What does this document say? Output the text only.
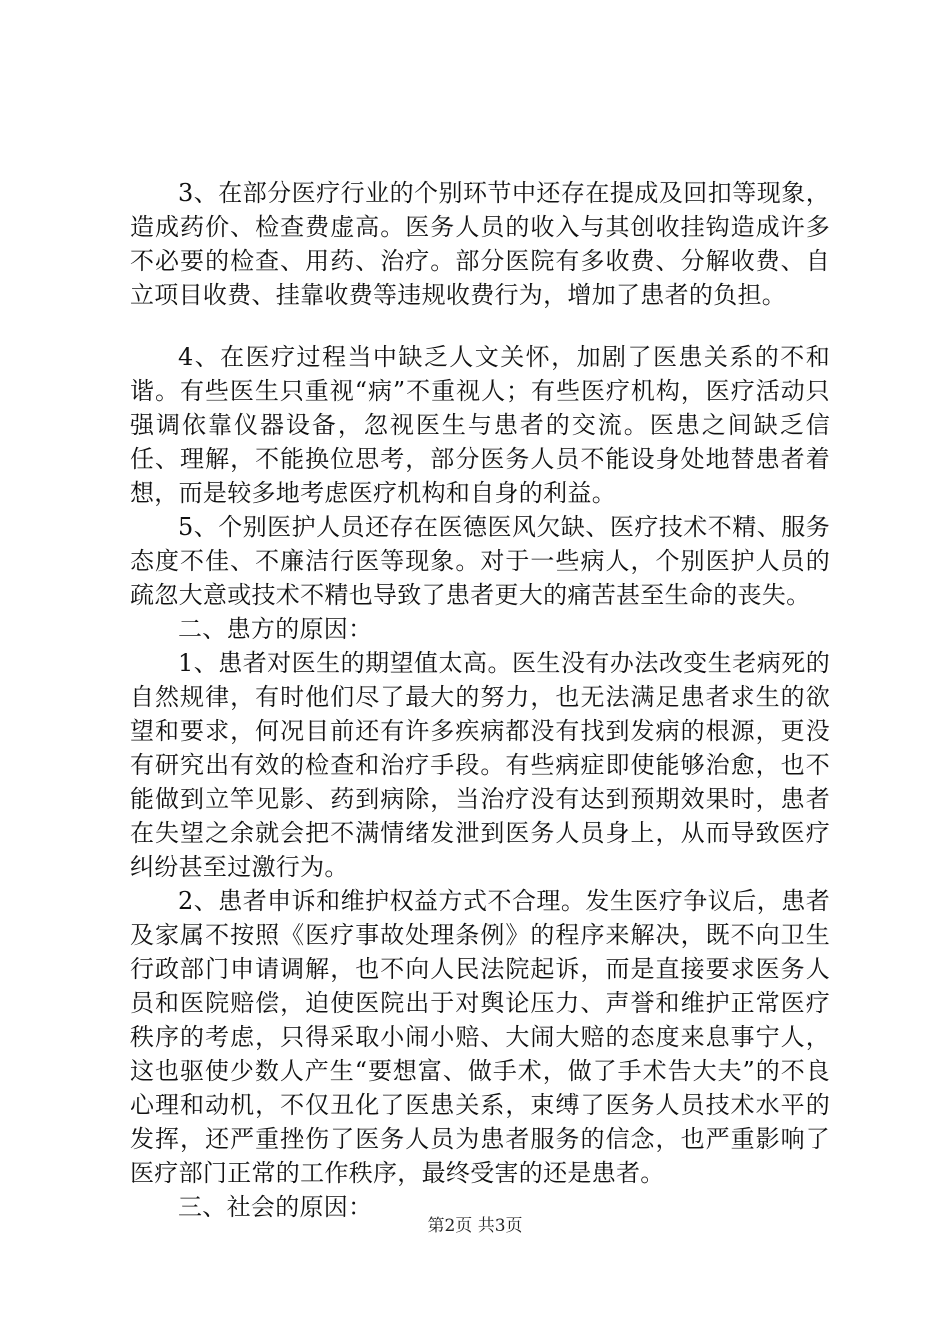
3、在部分医疗行业的个别环节中还存在提成及回扣等现象，造成药价、检查费虚高。医务人员的收入与其创收挂钩造成许多不必要的检查、用药、治疗。部分医院有多收费、分解收费、自立项目收费、挂靠收费等违规收费行为，增加了患者的负担。

4、在医疗过程当中缺乏人文关怀，加剧了医患关系的不和谐。有些医生只重视“病”不重视人；有些医疗机构，医疗活动只强调依靠仪器设备，忽视医生与患者的交流。医患之间缺乏信任、理解，不能换位思考，部分医务人员不能设身处地替患者着想，而是较多地考虑医疗机构和自身的利益。

5、个别医护人员还存在医德医风欠缺、医疗技术不精、服务态度不佳、不廉洁行医等现象。对于一些病人，个别医护人员的疏忽大意或技术不精也导致了患者更大的痛苦甚至生命的丧失。

二、患方的原因：

1、患者对医生的期望值太高。医生没有办法改变生老病死的自然规律，有时他们尽了最大的努力，也无法满足患者求生的欲望和要求，何况目前还有许多疾病都没有找到发病的根源，更没有研究出有效的检查和治疗手段。有些病症即使能够治愈，也不能做到立竿见影、药到病除，当治疗没有达到预期效果时，患者在失望之余就会把不满情绪发泄到医务人员身上，从而导致医疗纠纷甚至过激行为。

2、患者申诉和维护权益方式不合理。发生医疗争议后，患者及家属不按照《医疗事故处理条例》的程序来解决，既不向卫生行政部门申请调解，也不向人民法院起诉，而是直接要求医务人员和医院赔偿，迫使医院出于对舆论压力、声誉和维护正常医疗秩序的考虑，只得采取小闹小赔、大闹大赔的态度来息事宁人，这也驱使少数人产生“要想富、做手术，做了手术告大夫”的不良心理和动机，不仅丑化了医患关系，束缚了医务人员技术水平的发挥，还严重挫伤了医务人员为患者服务的信念，也严重影响了医疗部门正常的工作秩序，最终受害的还是患者。

三、社会的原因：

第2页 共3页
